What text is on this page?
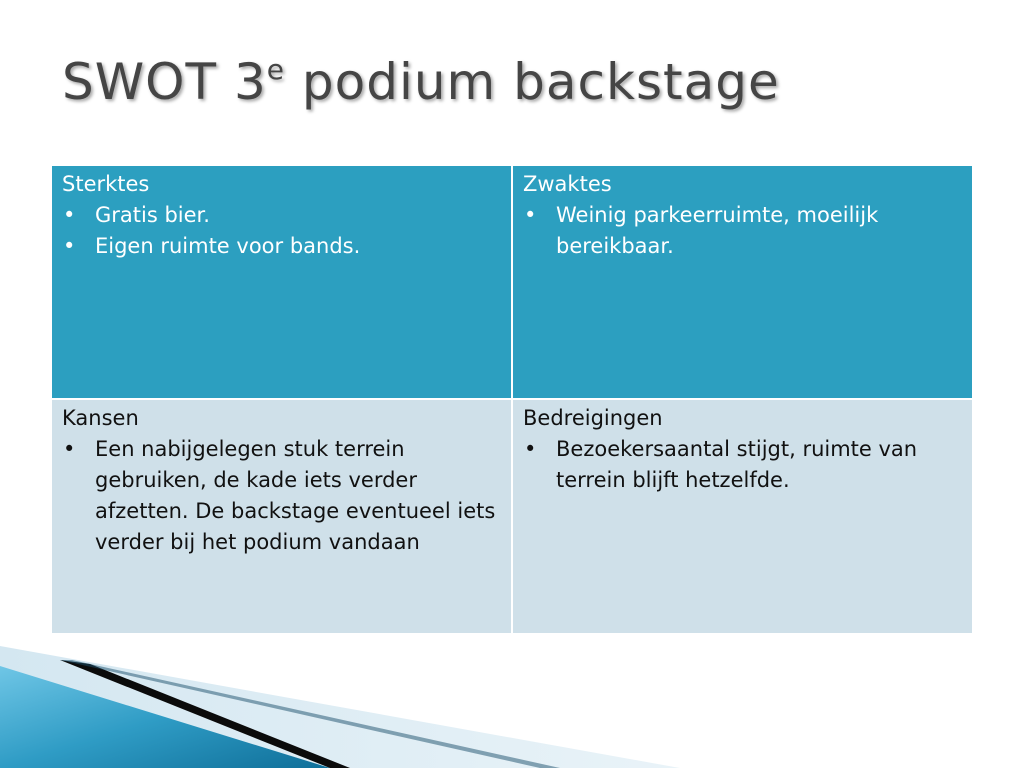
SWOT 3e podium backstage

Sterktes

• Gratis bier.
• Eigen ruimte voor bands.

Zwaktes

• Weinig parkeerruimte, moeilijk bereikbaar.

Kansen

• Een nabijgelegen stuk terrein gebruiken, de kade iets verder afzetten. De backstage eventueel iets verder bij het podium vandaan

Bedreigingen

• Bezoekersaantal stijgt, ruimte van terrein blijft hetzelfde.
